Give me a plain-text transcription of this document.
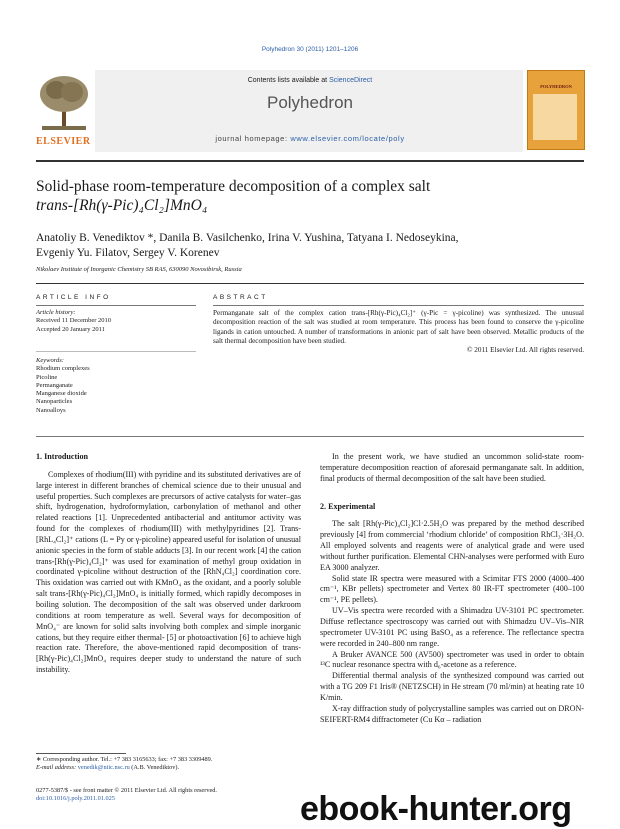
Polyhedron 30 (2011) 1201–1206
ELSEVIER
Contents lists available at ScienceDirect
Polyhedron
journal homepage: www.elsevier.com/locate/poly
POLYHEDRON
Solid-phase room-temperature decomposition of a complex salt
trans-[Rh(γ-Pic)₄Cl₂]MnO₄
Anatoliy B. Venediktov *, Danila B. Vasilchenko, Irina V. Yushina, Tatyana I. Nedoseykina,
Evgeniy Yu. Filatov, Sergey V. Korenev
Nikolaev Institute of Inorganic Chemistry SB RAS, 630090 Novosibirsk, Russia
ARTICLE INFO
Article history:
Received 11 December 2010
Accepted 20 January 2011
Keywords:
Rhodium complexes
Picoline
Permanganate
Manganese dioxide
Nanoparticles
Nanoalloys
ABSTRACT
Permanganate salt of the complex cation trans-[Rh(γ-Pic)₄Cl₂]⁺ (γ-Pic = γ-picoline) was synthesized. The unusual decomposition reaction of the salt was studied at room temperature. This process has been found to conserve the γ-picoline ligands in cation untouched. A number of transformations in anionic part of salt have been observed. Metallic products of the salt thermal decomposition have been studied.
© 2011 Elsevier Ltd. All rights reserved.
1. Introduction

Complexes of rhodium(III) with pyridine and its substituted derivatives are of large interest in different branches of chemical science due to their unusual and useful properties. Such complexes are precursors of active catalysts for water–gas shift, hydrogenation, hydroformylation, carbonylation of methanol and other related reactions [1]. Unprecedented antibacterial and antitumor activity was found for the complexes of rhodium(III) with methylpyridines [2]. Trans-[RhL₄Cl₂]⁺ cations (L = Py or γ-picoline) appeared useful for isolation of unusual anionic species in the form of stable adducts [3]. In our recent work [4] the cation trans-[Rh(γ-Pic)₄Cl₂]⁺ was used for examination of methyl group oxidation in coordinated γ-picoline without destruction of the [RhN₄Cl₂] coordination core. This oxidation was carried out with KMnO₄ as the oxidant, and a poorly soluble salt trans-[Rh(γ-Pic)₄Cl₂]MnO₄ is initially formed, which rapidly decomposes in boiling solution. The decomposition of the salt was observed under darkroom conditions at room temperature as well. Several ways for decomposition of MnO₄⁻ are known for solid salts involving both complex and simple inorganic cations, but they require either thermal- [5] or photoactivation [6] to achieve high reaction rate. Therefore, the above-mentioned rapid decomposition of trans-[Rh(γ-Pic)₄Cl₂]MnO₄ requires deeper study to understand the nature of such instability.

In the present work, we have studied an uncommon solid-state room-temperature decomposition reaction of aforesaid permanganate salt. In addition, final products of thermal decomposition of the salt have been studied.

2. Experimental

The salt [Rh(γ-Pic)₄Cl₂]Cl·2.5H₂O was prepared by the method described previously [4] from commercial ‘rhodium chloride’ of composition RhCl₃·3H₂O. All employed solvents and reagents were of analytical grade and were used without further purification. Elemental CHN-analyses were performed with Euro EA 3000 analyzer.

Solid state IR spectra were measured with a Scimitar FTS 2000 (4000–400 cm⁻¹, KBr pellets) spectrometer and Vertex 80 IR-FT spectrometer (400–100 cm⁻¹, PE pellets).

UV–Vis spectra were recorded with a Shimadzu UV-3101 PC spectrometer. Diffuse reflectance spectroscopy was carried out with Shimadzu UV–Vis–NIR spectrometer UV-3101 PC using BaSO₄ as a reference. The reflectance spectra were recorded in 240–800 nm range.

A Bruker AVANCE 500 (AV500) spectrometer was used in order to obtain ¹³C nuclear resonance spectra with d₆-acetone as a reference.

Differential thermal analysis of the synthesized compound was carried out with a TG 209 F1 Iris® (NETZSCH) in He stream (70 ml/min) at heating rate 10 K/min.

X-ray diffraction study of polycrystalline samples was carried out on DRON-SEIFERT-RM4 diffractometer (Cu Kα – radiation

∗ Corresponding author. Tel.: +7 383 3165633; fax: +7 383 3309489.
E-mail address: venedik@niic.nsc.ru (A.B. Venediktov).
0277-5387/$ - see front matter © 2011 Elsevier Ltd. All rights reserved.
doi:10.1016/j.poly.2011.01.025	ebook-hunter.org
